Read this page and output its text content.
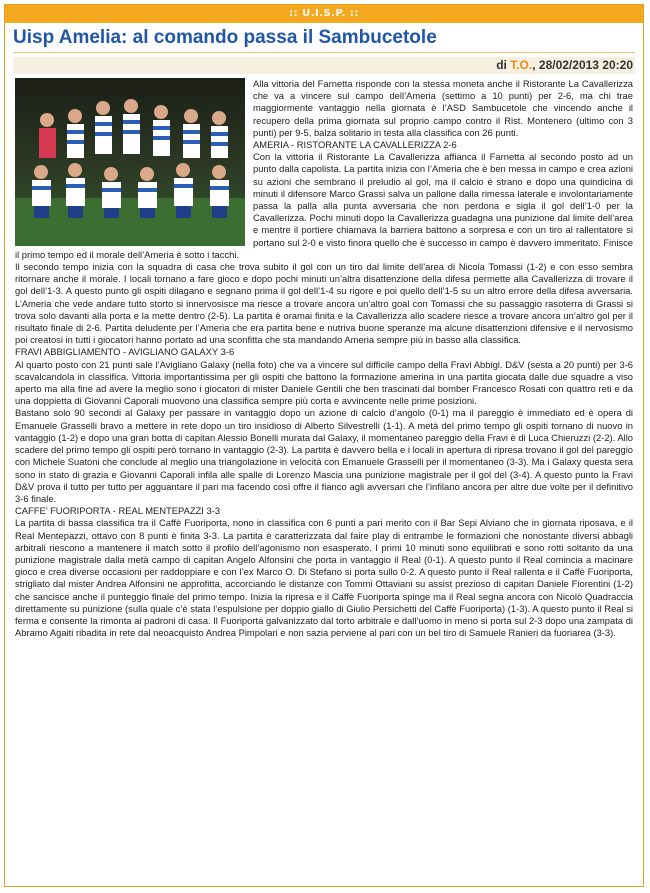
:: U.I.S.P. ::
Uisp Amelia: al comando passa il Sambucetole
di T.O., 28/02/2013 20:20

Alla vittoria del Farnetta risponde con la stessa moneta anche il Ristorante La Cavallerizza che va a vincere sul campo dell’Ameria (settimo a 10 punti) per 2-6, ma chi trae maggiormente vantaggio nella giornata è l’ASD Sambucetole che vincendo anche il recupero della prima giornata sul proprio campo contro il Rist. Montenero (ultimo con 3 punti) per 9-5, balza solitario in testa alla classifica con 26 punti.

AMERIA - RISTORANTE LA CAVALLERIZZA 2-6

Con la vittoria il Ristorante La Cavallerizza affianca il Farnetta al secondo posto ad un punto dalla capolista. La partita inizia con l’Ameria che è ben messa in campo e crea azioni su azioni che sembrano il preludio al gol, ma il calcio è strano e dopo una quindicina di minuti il difensore Marco Grassi salva un pallone dalla rimessa laterale e involontariamente passa la palla alla punta avversaria che non perdona e sigla il gol dell’1-0 per la Cavallerizza. Pochi minuti dopo la Cavallerizza guadagna una punizione dal limite dell’area e mentre il portiere chiamava la barriera battono a sorpresa e con un tiro al rallentatore si portano sul 2-0 e visto finora quello che è successo in campo è davvero immeritato. Finisce il primo tempo ed il morale dell’Ameria è sotto i tacchi.

Il secondo tempo inizia con la squadra di casa che trova subito il gol con un tiro dal limite dell’area di Nicola Tomassi (1-2) e con esso sembra ritornare anche il morale. I locali tornano a fare gioco e dopo pochi minuti un’altra disattenzione della difesa permette alla Cavallerizza di trovare il gol dell’1-3. A questo punto gli ospiti dilagano e segnano prima il gol dell’1-4 su rigore e poi quello dell’1-5 su un altro errore della difesa avversaria. L’Ameria che vede andare tutto storto si innervosisce ma riesce a trovare ancora un’altro goal con Tomassi che su passaggio rasoterra di Grassi si trova solo davanti alla porta e la mette dentro (2-5). La partita è oramai finita e la Cavallerizza allo scadere riesce a trovare ancora un’altro gol per il risultato finale di 2-6. Partita deludente per l’Ameria che era partita bene e nutriva buone speranze ma alcune disattenzioni difensive e il nervosismo poi creatosi in tutti i giocatori hanno portato ad una sconfitta che sta mandando Ameria sempre più in basso alla classifica.

FRAVI ABBIGLIAMENTO - AVIGLIANO GALAXY 3-6

Al quarto posto con 21 punti sale l’Avigliano Galaxy (nella foto) che va a vincere sul difficile campo della Fravi Abbigl. D&V (sesta a 20 punti) per 3-6 scavalcandola in classifica. Vittoria importantissima per gli ospiti che battono la formazione amerina in una partita giocata dalle due squadre a viso aperto ma alla fine ad avere la meglio sono i giocatori di mister Daniele Gentili che ben trascinati dal bomber Francesco Rosati con quattro reti e da una doppietta di Giovanni Caporali muovono una classifica sempre più corta e avvincente nelle prime posizioni.

Bastano solo 90 secondi al Galaxy per passare in vantaggio dopo un azione di calcio d’angolo (0-1) ma il pareggio è immediato ed è opera di Emanuele Grasselli bravo a mettere in rete dopo un tiro insidioso di Alberto Silvestrelli (1-1). A metà del primo tempo gli ospiti tornano di nuovo in vantaggio (1-2) e dopo una gran botta di capitan Alessio Bonelli murata dal Galaxy, il momentaneo pareggio della Fravi è di Luca Chieruzzi (2-2). Allo scadere del primo tempo gli ospiti però tornano in vantaggio (2-3). La partita è davvero bella e i locali in apertura di ripresa trovano il gol del pareggio con Michele Suatoni che conclude al meglio una triangolazione in velocità con Emanuele Grasselli per il momentaneo (3-3). Ma i Galaxy questa sera sono in stato di grazia e Giovanni Caporali infila alle spalle di Lorenzo Mascia una punizione magistrale per il gol del (3-4). A questo punto la Fravi D&V prova il tutto per tutto per agguantare il pari ma facendo così offre il fianco agli avversari che l’infilano ancora per altre due volte per il definitivo 3-6 finale.

CAFFE’ FUORIPORTA - REAL MENTEPAZZI 3-3

La partita di bassa classifica tra il Caffè Fuoriporta, nono in classifica con 6 punti a pari merito con il Bar Sepi Alviano che in giornata riposava, e il Real Mentepazzi, ottavo con 8 punti è finita 3-3. La partita è caratterizzata dal faire play di entrambe le formazioni che nonostante diversi abbagli arbitrali riescono a mantenere il match sotto il profilo dell’agonismo non esasperato. I primi 10 minuti sono equilibrati e sono rotti soltanto da una punizione magistrale dalla metà campo di capitan Angelo Alfonsini che porta in vantaggio il Real (0-1). A questo punto il Real comincia a macinare gioco e crea diverse occasioni per raddoppiare e con l’ex Marco O. Di Stefano si porta sullo 0-2. A questo punto il Real rallenta e il Caffè Fuoriporta, strigliato dal mister Andrea Alfonsini ne approfitta, accorciando le distanze con Tommi Ottaviani su assist prezioso di capitan Daniele Fiorentini (1-2) che sancisce anche il punteggio finale del primo tempo. Inizia la ripresa e il Caffè Fuoriporta spinge ma il Real segna ancora con Nicolò Quadraccia direttamente su punizione (sulla quale c’è stata l’espulsione per doppio giallo di Giulio Persichetti del Caffè Fuoriporta) (1-3). A questo punto il Real si ferma e consente la rimonta ai padroni di casa. Il Fuoriporta galvanizzato dal torto arbitrale e dall’uomo in meno si porta sul 2-3 dopo una zampata di Abramo Agaiti ribadita in rete dal neoacquisto Andrea Pimpolari e non sazia perviene al pari con un bel tiro di Samuele Ranieri da fuoriarea (3-3).
